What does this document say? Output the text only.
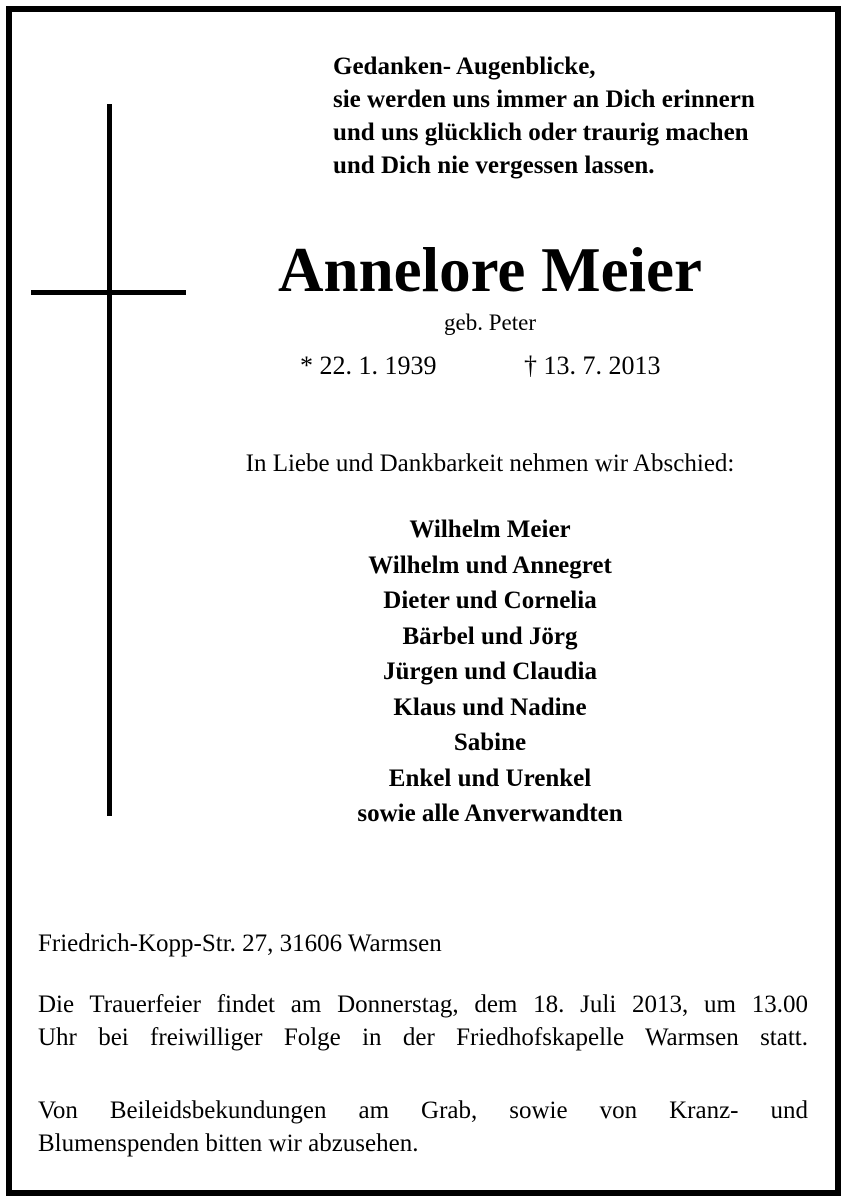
Gedanken- Augenblicke,
sie werden uns immer an Dich erinnern
und uns glücklich oder traurig machen
und Dich nie vergessen lassen.
Annelore Meier
geb. Peter
* 22. 1. 1939	† 13. 7. 2013
In Liebe und Dankbarkeit nehmen wir Abschied:
Wilhelm Meier
Wilhelm und Annegret
Dieter und Cornelia
Bärbel und Jörg
Jürgen und Claudia
Klaus und Nadine
Sabine
Enkel und Urenkel
sowie alle Anverwandten
Friedrich-Kopp-Str. 27, 31606 Warmsen
Die Trauerfeier findet am Donnerstag, dem 18. Juli 2013, um 13.00
Uhr bei freiwilliger Folge in der Friedhofskapelle Warmsen statt.
Von Beileidsbekundungen am Grab, sowie von Kranz- und
Blumenspenden bitten wir abzusehen.
